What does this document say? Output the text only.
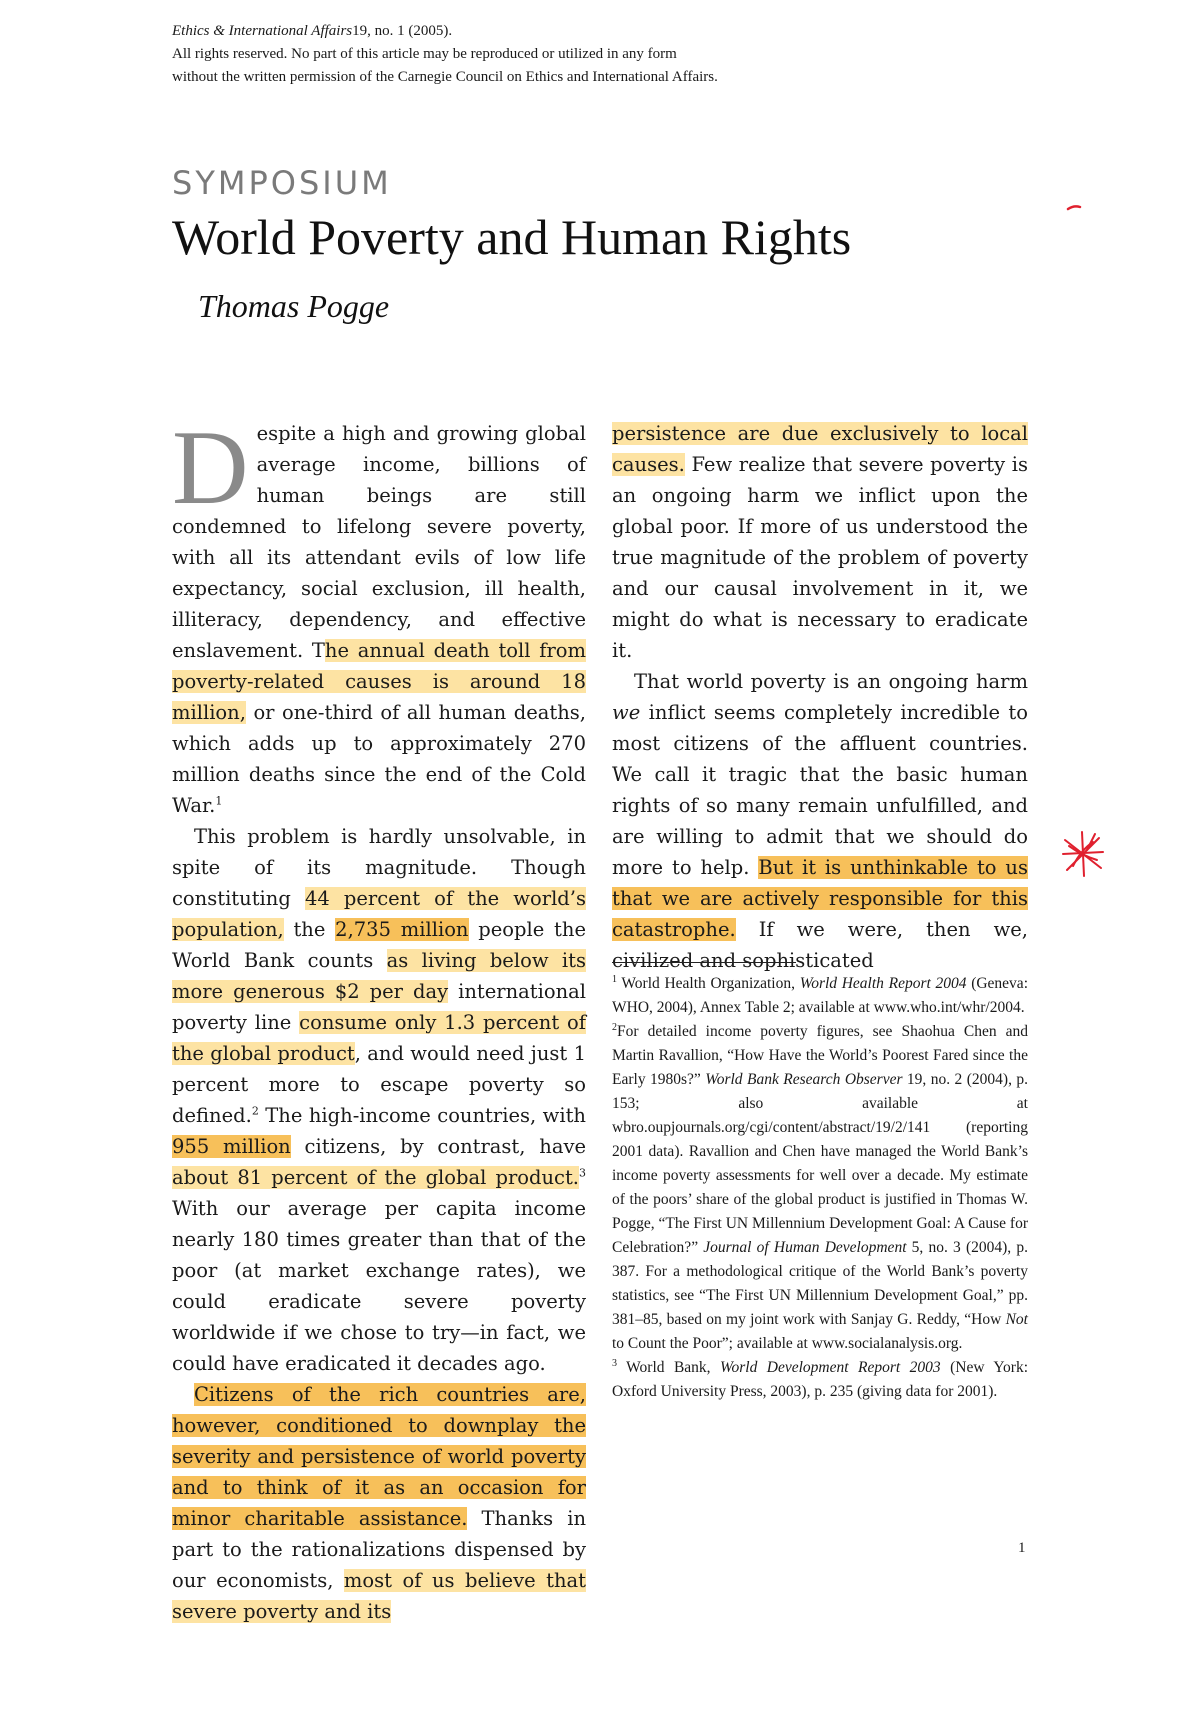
Ethics & International Affairs19, no. 1 (2005).

All rights reserved. No part of this article may be reproduced or utilized in any form

without the written permission of the Carnegie Council on Ethics and International Affairs.

SYMPOSIUM
World Poverty and Human Rights
Thomas Pogge

Despite a high and growing global average income, billions of human beings are still condemned to lifelong severe poverty, with all its attendant evils of low life expectancy, social exclusion, ill health, illiteracy, dependency, and effective enslavement. The annual death toll from poverty-related causes is around 18 million, or one-third of all human deaths, which adds up to approximately 270 million deaths since the end of the Cold War.$^1$

This problem is hardly unsolvable, in spite of its magnitude. Though constituting 44 percent of the world’s population, the 2,735 million people the World Bank counts as living below its more generous $2 per day international poverty line consume only 1.3 percent of the global product, and would need just 1 percent more to escape poverty so defined.$^2$ The high-income countries, with 955 million citizens, by contrast, have about 81 percent of the global product.$^3$ With our average per capita income nearly 180 times greater than that of the poor (at market exchange rates), we could eradicate severe poverty worldwide if we chose to try—in fact, we could have eradicated it decades ago.

Citizens of the rich countries are, however, conditioned to downplay the severity and persistence of world poverty and to think of it as an occasion for minor charitable assistance. Thanks in part to the rationalizations dispensed by our economists, most of us believe that severe poverty and its

persistence are due exclusively to local causes. Few realize that severe poverty is an ongoing harm we inflict upon the global poor. If more of us understood the true magnitude of the problem of poverty and our causal involvement in it, we might do what is necessary to eradicate it.

That world poverty is an ongoing harm we inflict seems completely incredible to most citizens of the affluent countries. We call it tragic that the basic human rights of so many remain unfulfilled, and are willing to admit that we should do more to help. But it is unthinkable to us that we are actively responsible for this catastrophe. If we were, then we, civilized and sophisticated

$^1$ World Health Organization, World Health Report 2004 (Geneva: WHO, 2004), Annex Table 2; available at www.who.int/whr/2004.

$^2$For detailed income poverty figures, see Shaohua Chen and Martin Ravallion, “How Have the World’s Poorest Fared since the Early 1980s?” World Bank Research Observer 19, no. 2 (2004), p. 153; also available at wbro.oupjournals.org/cgi/content/abstract/19/2/141 (reporting 2001 data). Ravallion and Chen have managed the World Bank’s income poverty assessments for well over a decade. My estimate of the poors’ share of the global product is justified in Thomas W. Pogge, “The First UN Millennium Development Goal: A Cause for Celebration?” Journal of Human Development 5, no. 3 (2004), p. 387. For a methodological critique of the World Bank’s poverty statistics, see “The First UN Millennium Development Goal,” pp. 381–85, based on my joint work with Sanjay G. Reddy, “How Not to Count the Poor”; available at www.socialanalysis.org.

$^3$ World Bank, World Development Report 2003 (New York: Oxford University Press, 2003), p. 235 (giving data for 2001).

1
